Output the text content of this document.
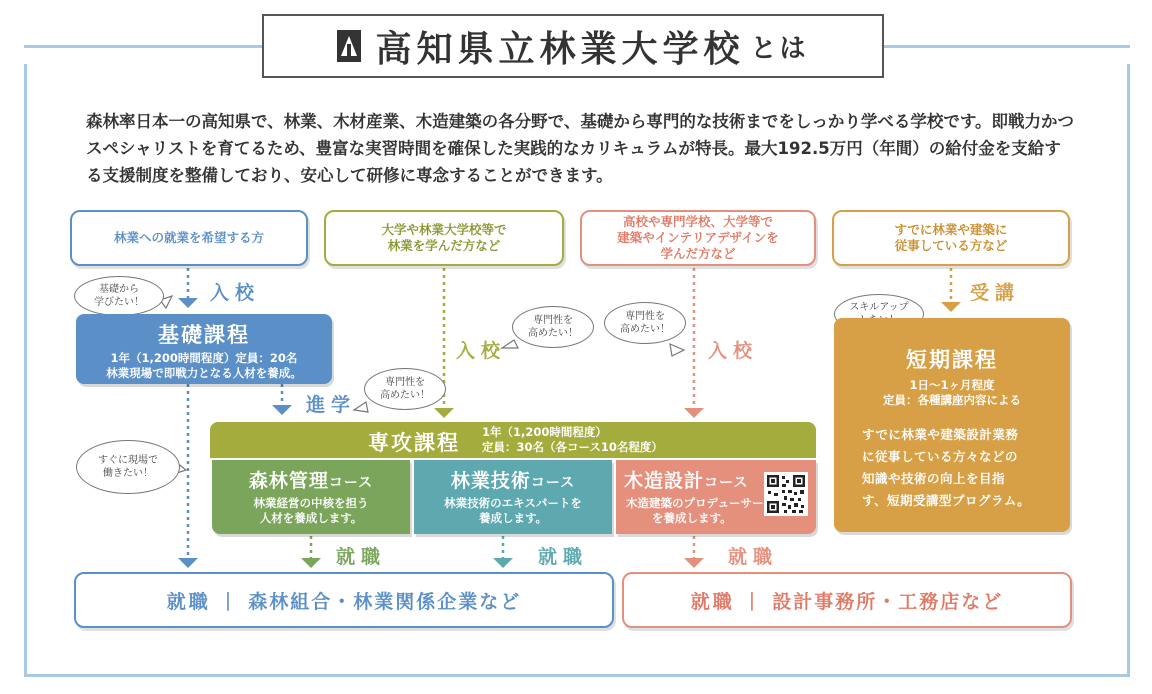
高知県立林業大学校 とは
森林率日本一の高知県で、林業、木材産業、木造建築の各分野で、基礎から専門的な技術までをしっかり学べる学校です。即戦力かつスペシャリストを育てるため、豊富な実習時間を確保した実践的なカリキュラムが特長。最大192.5万円（年間）の給付金を支給する支援制度を整備しており、安心して研修に専念することができます。
林業への就業を希望する方
大学や林業大学校等で
林業を学んだ方など
高校や専門学校、大学等で
建築やインテリアデザインを
学んだ方など
すでに林業や建築に
従事している方など
基礎から
学びたい！
専門性を
高めたい！
専門性を
高めたい！
スキルアップ
専門性を
高めたい！
すぐに現場で
働きたい！
入校
入校	入校
受講
進学
就職	就職	就職
基礎課程
1年（1,200時間程度）定員：20名
林業現場で即戦力となる人材を養成。
専攻課程 1年（1,200時間程度）
定員：30名（各コース10名程度）
森林管理コース
林業経営の中核を担う
人材を養成します。
林業技術コース
林業技術のエキスパートを
養成します。
木造設計コース
木造建築のプロデューサー
を養成します。
短期課程
1日〜1ヶ月程度
定員：各種講座内容による
すでに林業や建築設計業務
に従事している方々などの
知識や技術の向上を目指
す、短期受講型プログラム。
就職 | 森林組合・林業関係企業など	就職 | 設計事務所・工務店など
